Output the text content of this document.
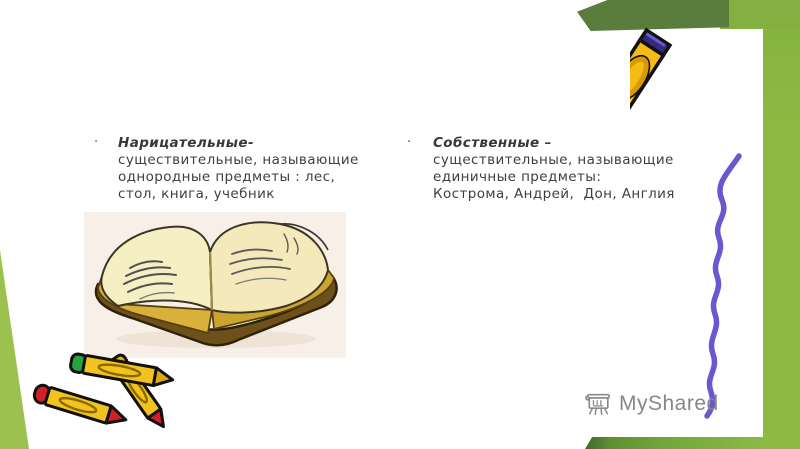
· Нарицательные-
существительные, называющие
однородные предметы : лес,
стол, книга, учебник
· Собственные –
существительные, называющие
единичные предметы:
Кострома, Андрей,  Дон, Англия
MyShared
